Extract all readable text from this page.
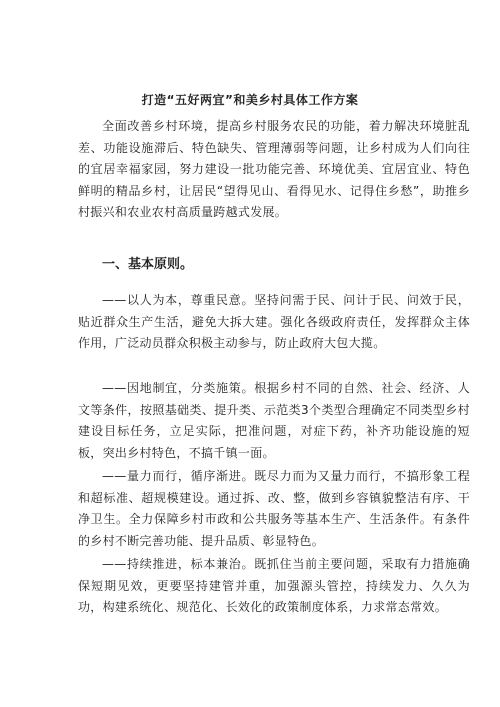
打造“五好两宜”和美乡村具体工作方案

全面改善乡村环境，提高乡村服务农民的功能，着力解决环境脏乱差、功能设施滞后、特色缺失、管理薄弱等问题，让乡村成为人们向往的宜居幸福家园，努力建设一批功能完善、环境优美、宜居宜业、特色鲜明的精品乡村，让居民“望得见山、看得见水、记得住乡愁”，助推乡村振兴和农业农村高质量跨越式发展。

一、基本原则。

——以人为本，尊重民意。坚持问需于民、问计于民、问效于民，贴近群众生产生活，避免大拆大建。强化各级政府责任，发挥群众主体作用，广泛动员群众积极主动参与，防止政府大包大揽。

——因地制宜，分类施策。根据乡村不同的自然、社会、经济、人文等条件，按照基础类、提升类、示范类3个类型合理确定不同类型乡村建设目标任务，立足实际，把准问题，对症下药，补齐功能设施的短板，突出乡村特色，不搞千镇一面。

——量力而行，循序渐进。既尽力而为又量力而行，不搞形象工程和超标准、超规模建设。通过拆、改、整，做到乡容镇貌整洁有序、干净卫生。全力保障乡村市政和公共服务等基本生产、生活条件。有条件的乡村不断完善功能、提升品质、彰显特色。

——持续推进，标本兼治。既抓住当前主要问题，采取有力措施确保短期见效，更要坚持建管并重，加强源头管控，持续发力、久久为功，构建系统化、规范化、长效化的政策制度体系，力求常态常效。
